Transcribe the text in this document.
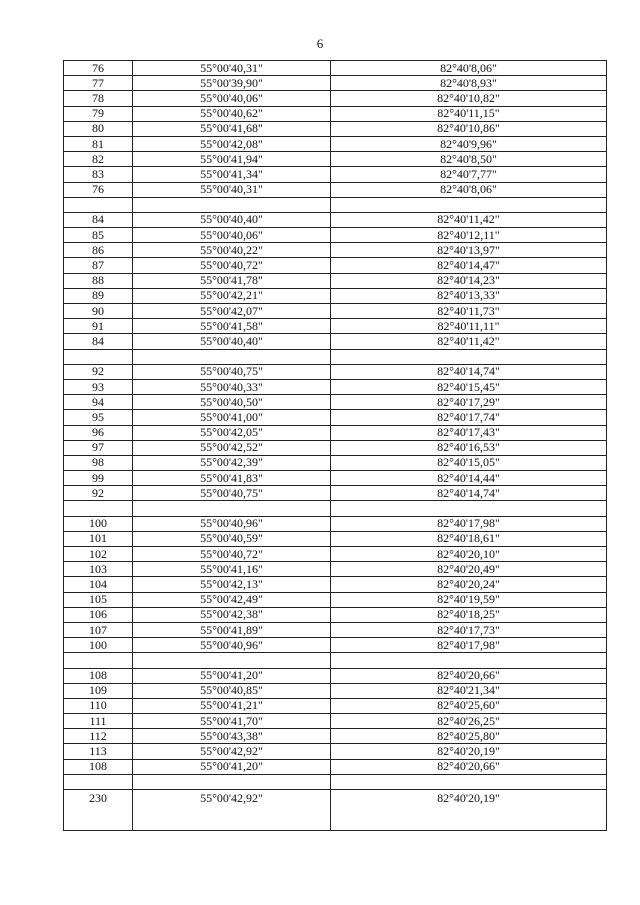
6
76	55°00'40,31"	82°40'8,06"
77	55°00'39,90"	82°40'8,93"
78	55°00'40,06"	82°40'10,82"
79	55°00'40,62"	82°40'11,15"
80	55°00'41,68"	82°40'10,86"
81	55°00'42,08"	82°40'9,96"
82	55°00'41,94"	82°40'8,50"
83	55°00'41,34"	82°40'7,77"
76	55°00'40,31"	82°40'8,06"

84	55°00'40,40"	82°40'11,42"
85	55°00'40,06"	82°40'12,11"
86	55°00'40,22"	82°40'13,97"
87	55°00'40,72"	82°40'14,47"
88	55°00'41,78"	82°40'14,23"
89	55°00'42,21"	82°40'13,33"
90	55°00'42,07"	82°40'11,73"
91	55°00'41,58"	82°40'11,11"
84	55°00'40,40"	82°40'11,42"

92	55°00'40,75"	82°40'14,74"
93	55°00'40,33"	82°40'15,45"
94	55°00'40,50"	82°40'17,29"
95	55°00'41,00"	82°40'17,74"
96	55°00'42,05"	82°40'17,43"
97	55°00'42,52"	82°40'16,53"
98	55°00'42,39"	82°40'15,05"
99	55°00'41,83"	82°40'14,44"
92	55°00'40,75"	82°40'14,74"

100	55°00'40,96"	82°40'17,98"
101	55°00'40,59"	82°40'18,61"
102	55°00'40,72"	82°40'20,10"
103	55°00'41,16"	82°40'20,49"
104	55°00'42,13"	82°40'20,24"
105	55°00'42,49"	82°40'19,59"
106	55°00'42,38"	82°40'18,25"
107	55°00'41,89"	82°40'17,73"
100	55°00'40,96"	82°40'17,98"

108	55°00'41,20"	82°40'20,66"
109	55°00'40,85"	82°40'21,34"
110	55°00'41,21"	82°40'25,60"
111	55°00'41,70"	82°40'26,25"
112	55°00'43,38"	82°40'25,80"
113	55°00'42,92"	82°40'20,19"
108	55°00'41,20"	82°40'20,66"

230	55°00'42,92"	82°40'20,19"
